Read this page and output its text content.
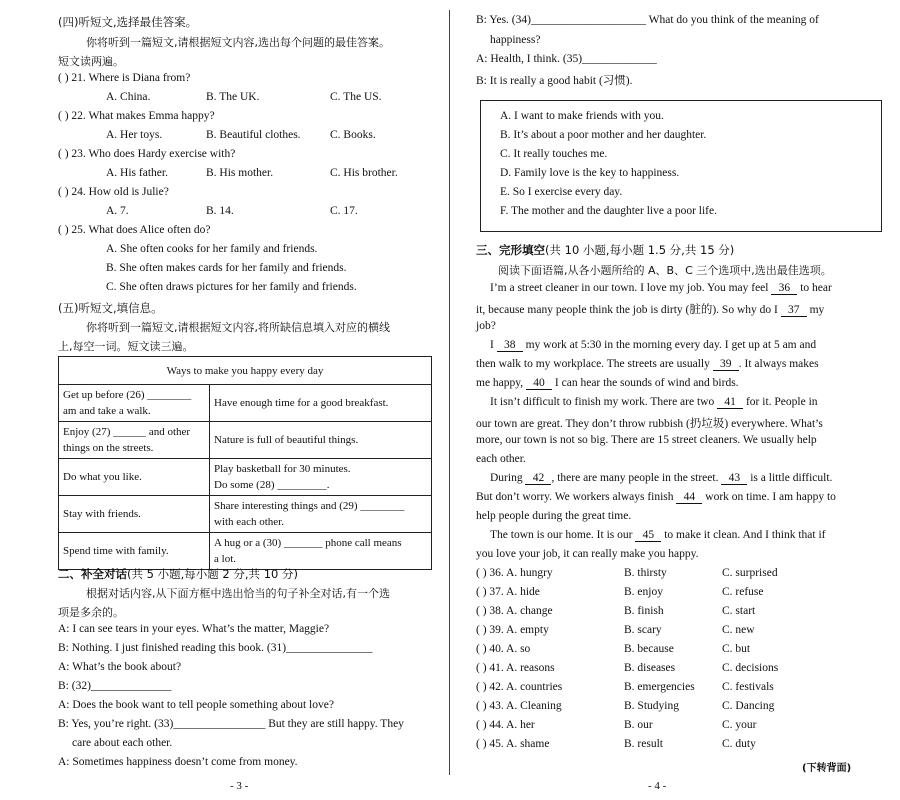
(四)听短文,选择最佳答案。
你将听到一篇短文,请根据短文内容,选出每个问题的最佳答案。
短文读两遍。
( ) 21. Where is Diana from?
A. China.	B. The UK.	C. The US.
( ) 22. What makes Emma happy?
A. Her toys.	B. Beautiful clothes.	C. Books.
( ) 23. Who does Hardy exercise with?
A. His father.	B. His mother.	C. His brother.
( ) 24. How old is Julie?
A. 7.	B. 14.	C. 17.
( ) 25. What does Alice often do?
A. She often cooks for her family and friends.
B. She often makes cards for her family and friends.
C. She often draws pictures for her family and friends.
(五)听短文,填信息。
你将听到一篇短文,请根据短文内容,将所缺信息填入对应的横线
上,每空一词。短文读三遍。
Ways to make you happy every day	

Get up before (26) ________
am and take a walk.	Have enough time for a good breakfast.

Enjoy (27) ______ and other
things on the streets.	Nature is full of beautiful things.

Do what you like.	Play basketball for 30 minutes.
Do some (28) _________.

Stay with friends.	Share interesting things and (29) ________
with each other.

Spend time with family.	A hug or a (30) _______ phone call means
a lot.
二、补全对话(共 5 小题,每小题 2 分,共 10 分)
根据对话内容,从下面方框中选出恰当的句子补全对话,有一个选
项是多余的。
A: I can see tears in your eyes. What’s the matter, Maggie?
B: Nothing. I just finished reading this book. (31)_______________
A: What’s the book about?
B: (32)______________
A: Does the book want to tell people something about love?
B: Yes, you’re right. (33)________________ But they are still happy. They
care about each other.
A: Sometimes happiness doesn’t come from money.
- 3 -
B: Yes. (34)____________________ What do you think of the meaning of
happiness?
A: Health, I think. (35)_____________
B: It is really a good habit (习惯).
A. I want to make friends with you.
B. It’s about a poor mother and her daughter.
C. It really touches me.
D. Family love is the key to happiness.
E. So I exercise every day.
F. The mother and the daughter live a poor life.
三、完形填空(共 10 小题,每小题 1.5 分,共 15 分)
阅读下面语篇,从各小题所给的 A、B、C 三个选项中,选出最佳选项。
I’m a street cleaner in our town. I love my job. You may feel 36 to hear
it, because many people think the job is dirty (脏的). So why do I 37 my
job?
I 38 my work at 5:30 in the morning every day. I get up at 5 am and
then walk to my workplace. The streets are usually 39 . It always makes
me happy, 40 I can hear the sounds of wind and birds.
It isn’t difficult to finish my work. There are two 41 for it. People in
our town are great. They don’t throw rubbish (扔垃圾) everywhere. What’s
more, our town is not so big. There are 15 street cleaners. We usually help
each other.
During 42 , there are many people in the street. 43 is a little difficult.
But don’t worry. We workers always finish 44 work on time. I am happy to
help people during the great time.
The town is our home. It is our 45 to make it clean. And I think that if
you love your job, it can really make you happy.
(下转背面)
- 4 -
( ) 36. A. hungry	B. thirsty	C. surprised
( ) 37. A. hide	B. enjoy	C. refuse
( ) 38. A. change	B. finish	C. start
( ) 39. A. empty	B. scary	C. new
( ) 40. A. so	B. because	C. but
( ) 41. A. reasons	B. diseases	C. decisions
( ) 42. A. countries	B. emergencies C. festivals
( ) 43. A. Cleaning	B. Studying	C. Dancing
( ) 44. A. her	B. our	C. your
( ) 45. A. shame	B. result	C. duty
